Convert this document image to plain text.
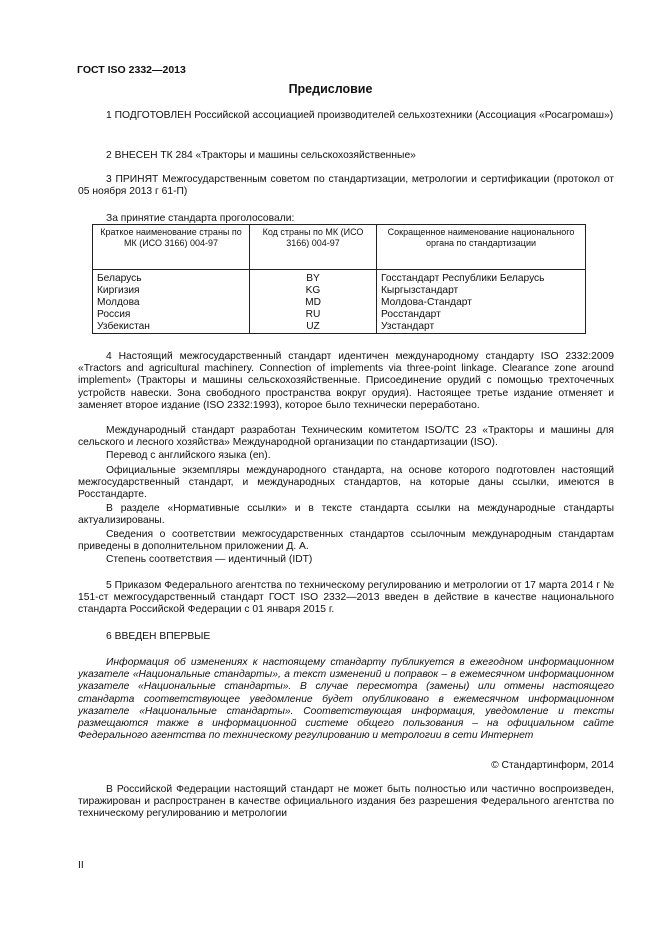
ГОСТ ISO 2332—2013
Предисловие

1 ПОДГОТОВЛЕН Российской ассоциацией производителей сельхозтехники (Ассоциация «Росагромаш»)

2 ВНЕСЕН ТК 284 «Тракторы и машины сельскохозяйственные»

3 ПРИНЯТ Межгосударственным советом по стандартизации, метрологии и сертификации (протокол от 05 ноября 2013 г 61-П)

За принятие стандарта проголосовали:

Краткое наименование страны по МК (ИСО 3166) 004-97	Код страны по МК (ИСО 3166) 004-97	Сокращенное наименование национального органа по стандартизации
Беларусь	BY	Госстандарт Республики Беларусь
Киргизия	KG	Кыргызстандарт
Молдова	MD	Молдова-Стандарт
Россия	RU	Росстандарт
Узбекистан	UZ	Узстандарт

4 Настоящий межгосударственный стандарт идентичен международному стандарту ISO 2332:2009 «Tractors and agricultural machinery. Connection of implements via three-point linkage. Clearance zone around implement» (Тракторы и машины сельскохозяйственные. Присоединение орудий с помощью трехточечных устройств навески. Зона свободного пространства вокруг орудия). Настоящее третье издание отменяет и заменяет второе издание (ISO 2332:1993), которое было технически переработано.

Международный стандарт разработан Техническим комитетом ISO/TC 23 «Тракторы и машины для сельского и лесного хозяйства» Международной организации по стандартизации (ISO).

Перевод с английского языка (en).

Официальные экземпляры международного стандарта, на основе которого подготовлен настоящий межгосударственный стандарт, и международных стандартов, на которые даны ссылки, имеются в Росстандарте.

В разделе «Нормативные ссылки» и в тексте стандарта ссылки на международные стандарты актуализированы.

Сведения о соответствии межгосударственных стандартов ссылочным международным стандартам приведены в дополнительном приложении Д. А.

Степень соответствия — идентичный (IDT)

5 Приказом Федерального агентства по техническому регулированию и метрологии от 17 марта 2014 г № 151-ст межгосударственный стандарт ГОСТ ISO 2332—2013 введен в действие в качестве национального стандарта Российской Федерации с 01 января 2015 г.

6 ВВЕДЕН ВПЕРВЫЕ

Информация об изменениях к настоящему стандарту публикуется в ежегодном информационном указателе «Национальные стандарты», а текст изменений и поправок – в ежемесячном информационном указателе «Национальные стандарты». В случае пересмотра (замены) или отмены настоящего стандарта соответствующее уведомление будет опубликовано в ежемесячном информационном указателе «Национальные стандарты». Соответствующая информация, уведомление и тексты размещаются также в информационной системе общего пользования – на официальном сайте Федерального агентства по техническому регулированию и метрологии в сети Интернет

© Стандартинформ, 2014

В Российской Федерации настоящий стандарт не может быть полностью или частично воспроизведен, тиражирован и распространен в качестве официального издания без разрешения Федерального агентства по техническому регулированию и метрологии

II
